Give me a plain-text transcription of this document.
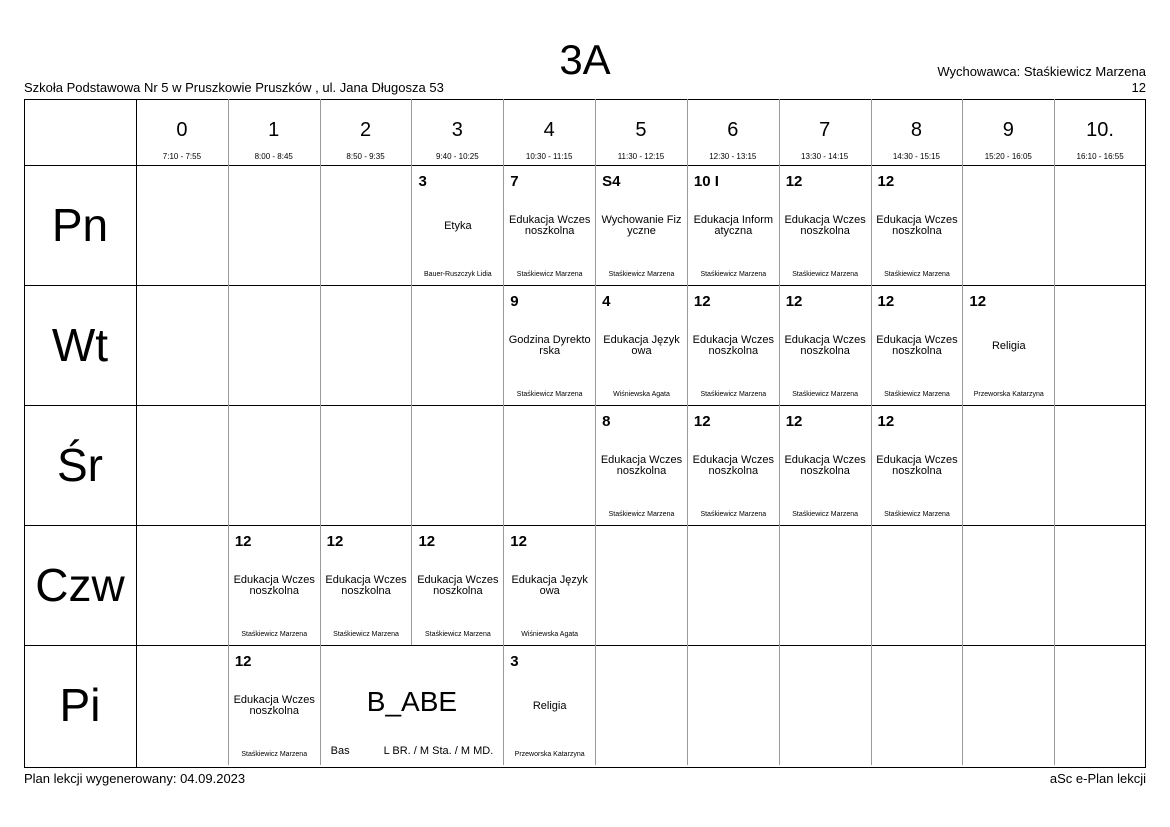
3A
Szkoła Podstawowa Nr 5 w Pruszkowie Pruszków , ul. Jana Długosza 53
Wychowawca: Staśkiewicz Marzena
12
0
7:10 - 7:55
1
8:00 - 8:45
2
8:50 - 9:35
3
9:40 - 10:25
4
10:30 - 11:15
5
11:30 - 12:15
6
12:30 - 13:15
7
13:30 - 14:15
8
14:30 - 15:15
9
15:20 - 16:05
10.
16:10 - 16:55
Pn
Wt
Śr
Czw
Pi
3
Etyka
Bauer-Ruszczyk Lidia
7
Edukacja Wczesnoszkolna
Staśkiewicz Marzena
S4
Wychowanie Fizyczne
Staśkiewicz Marzena
10 I
Edukacja Informatyczna
Staśkiewicz Marzena
12
Edukacja Wczesnoszkolna
Staśkiewicz Marzena
12
Edukacja Wczesnoszkolna
Staśkiewicz Marzena
9
Godzina Dyrektorska
Staśkiewicz Marzena
4
Edukacja Językowa
Wiśniewska Agata
12
Edukacja Wczesnoszkolna
Staśkiewicz Marzena
12
Edukacja Wczesnoszkolna
Staśkiewicz Marzena
12
Edukacja Wczesnoszkolna
Staśkiewicz Marzena
12
Religia
Przeworska Katarzyna
8
Edukacja Wczesnoszkolna
Staśkiewicz Marzena
12
Edukacja Wczesnoszkolna
Staśkiewicz Marzena
12
Edukacja Wczesnoszkolna
Staśkiewicz Marzena
12
Edukacja Wczesnoszkolna
Staśkiewicz Marzena
12
Edukacja Wczesnoszkolna
Staśkiewicz Marzena
12
Edukacja Wczesnoszkolna
Staśkiewicz Marzena
12
Edukacja Wczesnoszkolna
Staśkiewicz Marzena
12
Edukacja Językowa
Wiśniewska Agata
12
Edukacja Wczesnoszkolna
Staśkiewicz Marzena
3
Religia
Przeworska Katarzyna
B_ABE
Bas	L BR. / M Sta. / M MD.
Plan lekcji wygenerowany: 04.09.2023	aSc e-Plan lekcji
